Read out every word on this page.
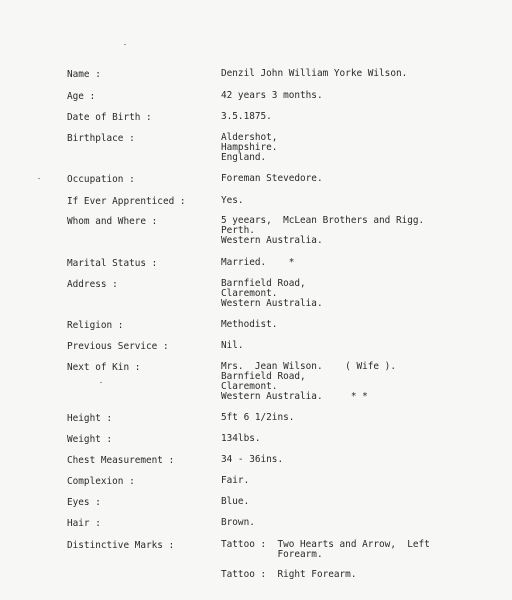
Name :	Denzil John William Yorke Wilson.
Age :	42 years 3 months.
Date of Birth :	3.5.1875.
Birthplace :	Aldershot,
Hampshire.
England.
Occupation :	Foreman Stevedore.
If Ever Apprenticed :	Yes.
Whom and Where :	5 yeears,  McLean Brothers and Rigg.
Perth.
Western Australia.
Marital Status :	Married.    *
Address :	Barnfield Road,
Claremont.
Western Australia.
Religion :	Methodist.
Previous Service :	Nil.
Next of Kin :	Mrs.  Jean Wilson.    ( Wife ).
Barnfield Road,
Claremont.
Western Australia.     * *
Height :	5ft 6 1/2ins.
Weight :	134lbs.
Chest Measurement :	34 - 36ins.
Complexion :	Fair.
Eyes :	Blue.
Hair :	Brown.
Distinctive Marks :	Tattoo :  Two Hearts and Arrow,  Left
Forearm.
Tattoo :  Right Forearm.
